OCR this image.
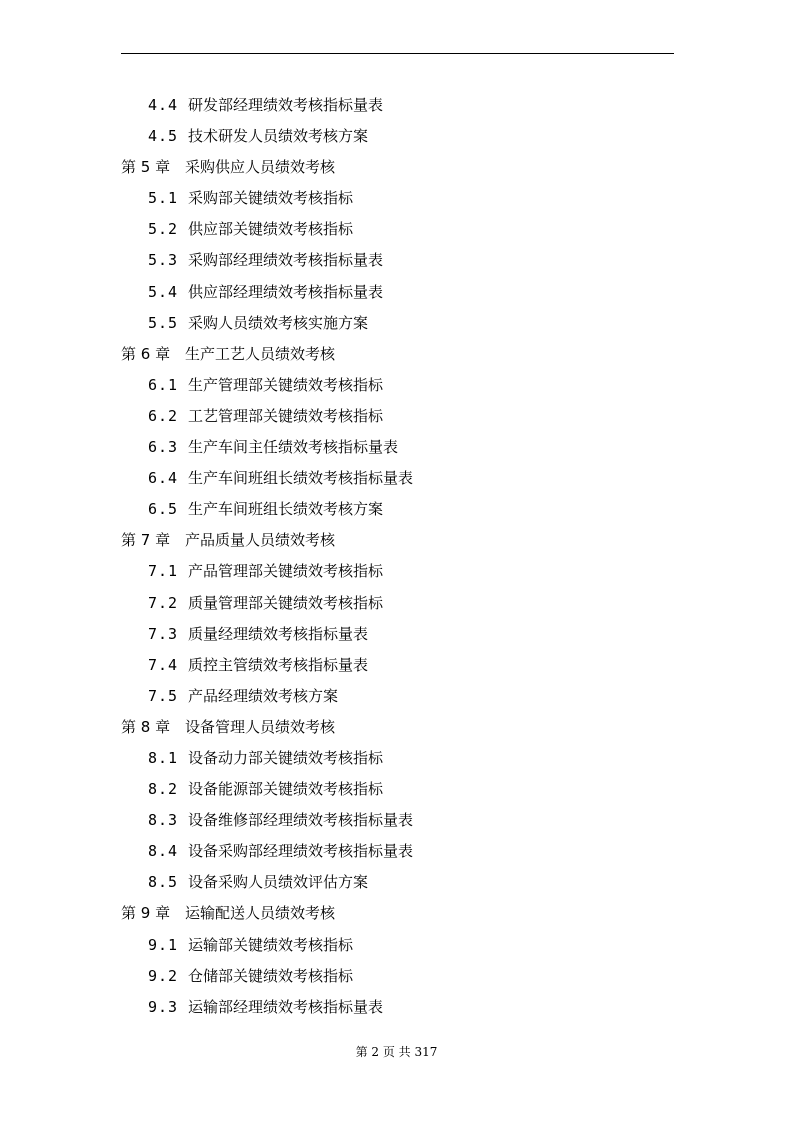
4.4 研发部经理绩效考核指标量表
4.5 技术研发人员绩效考核方案
第 5 章 采购供应人员绩效考核
5.1 采购部关键绩效考核指标
5.2 供应部关键绩效考核指标
5.3 采购部经理绩效考核指标量表
5.4 供应部经理绩效考核指标量表
5.5 采购人员绩效考核实施方案
第 6 章 生产工艺人员绩效考核
6.1 生产管理部关键绩效考核指标
6.2 工艺管理部关键绩效考核指标
6.3 生产车间主任绩效考核指标量表
6.4 生产车间班组长绩效考核指标量表
6.5 生产车间班组长绩效考核方案
第 7 章 产品质量人员绩效考核
7.1 产品管理部关键绩效考核指标
7.2 质量管理部关键绩效考核指标
7.3 质量经理绩效考核指标量表
7.4 质控主管绩效考核指标量表
7.5 产品经理绩效考核方案
第 8 章 设备管理人员绩效考核
8.1 设备动力部关键绩效考核指标
8.2 设备能源部关键绩效考核指标
8.3 设备维修部经理绩效考核指标量表
8.4 设备采购部经理绩效考核指标量表
8.5 设备采购人员绩效评估方案
第 9 章 运输配送人员绩效考核
9.1 运输部关键绩效考核指标
9.2 仓储部关键绩效考核指标
9.3 运输部经理绩效考核指标量表
第 2 页 共 317
